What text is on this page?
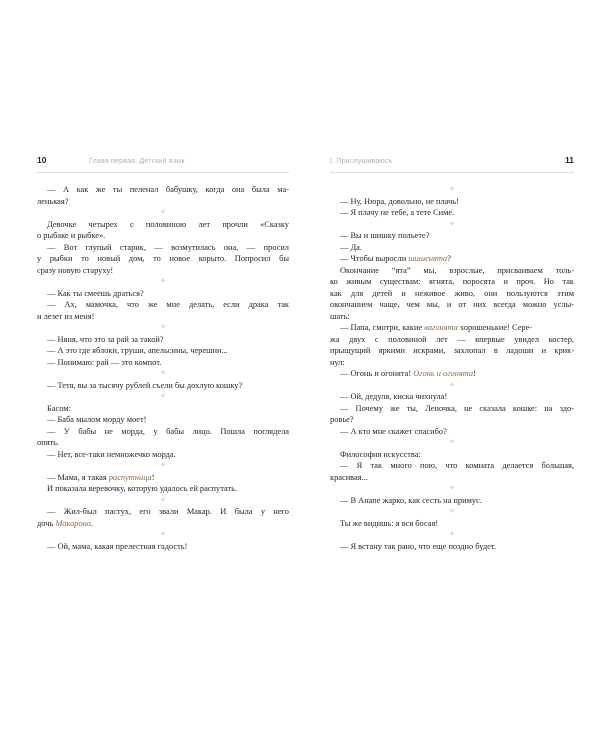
10	Глава первая. Детский язык
— А как же ты пеленал бабушку, когда она была ма-
ленькая?
✧
Девочке четырех с половиною лет прочли «Сказку
о рыбаке и рыбке».
— Вот глупый старик, — возмутилась она, — просил
у рыбки то новый дом, то новое корыто. Попросил бы
сразу новую старуху!
✧
— Как ты смеешь драться?
— Ах, мамочка, что же мне делать, если драка так
и лезет из меня!
✧
— Няня, что это за рай за такой?
— А это где яблоки, груши, апельсины, черешни...
— Понимаю: рай — это компот.
✧
— Тетя, вы за тысячу рублей съели бы дохлую кошку?
✧
Басом:
— Баба мылом морду моет!
— У бабы не морда, у бабы лицо. Пошла поглядела
опять.
— Нет, все-таки немножечко морда.
✧
— Мама, я такая распутница!
И показала веревочку, которую удалось ей распутать.
✧
— Жил-был пастух, его звали Макар. И была у него
дочь Макарона.
✧
— Ой, мама, какая прелестная гадость!
I. Прислушиваюсь	11
✧
— Ну, Нюра, довольно, не плачь!
— Я плачу не тебе, а тете Симе.
✧
— Вы и шишку польете?
— Да.
— Чтобы выросли шишенята?
Окончание “ята” мы, взрослые, присваиваем толь-
ко живым существам: ягнята, поросята и проч. Но так
как для детей и неживое живо, они пользуются этим
окончанием чаще, чем мы, и от них всегда можно услы-
шать:
— Папа, смотри, какие вагонята хорошенькие! Сере-
жа двух с половиной лет — впервые увидел костер,
прыщущий яркими искрами, захлопал в ладоши и крик-
нул:
— Огонь и огонята! Огонь и огонята!
✧
— Ой, дедуля, киска чихнула!
— Почему же ты, Леночка, не сказала кошке: на здо-
ровье?
— А кто мне скажет спасибо?
✧
Философия искусства:
— Я так много пою, что комната делается большая,
красивая...
✧
— В Анапе жарко, как сесть на примус.
✧
Ты же видишь: я вся босая!
✧
— Я встану так рано, что еще поздно будет.
